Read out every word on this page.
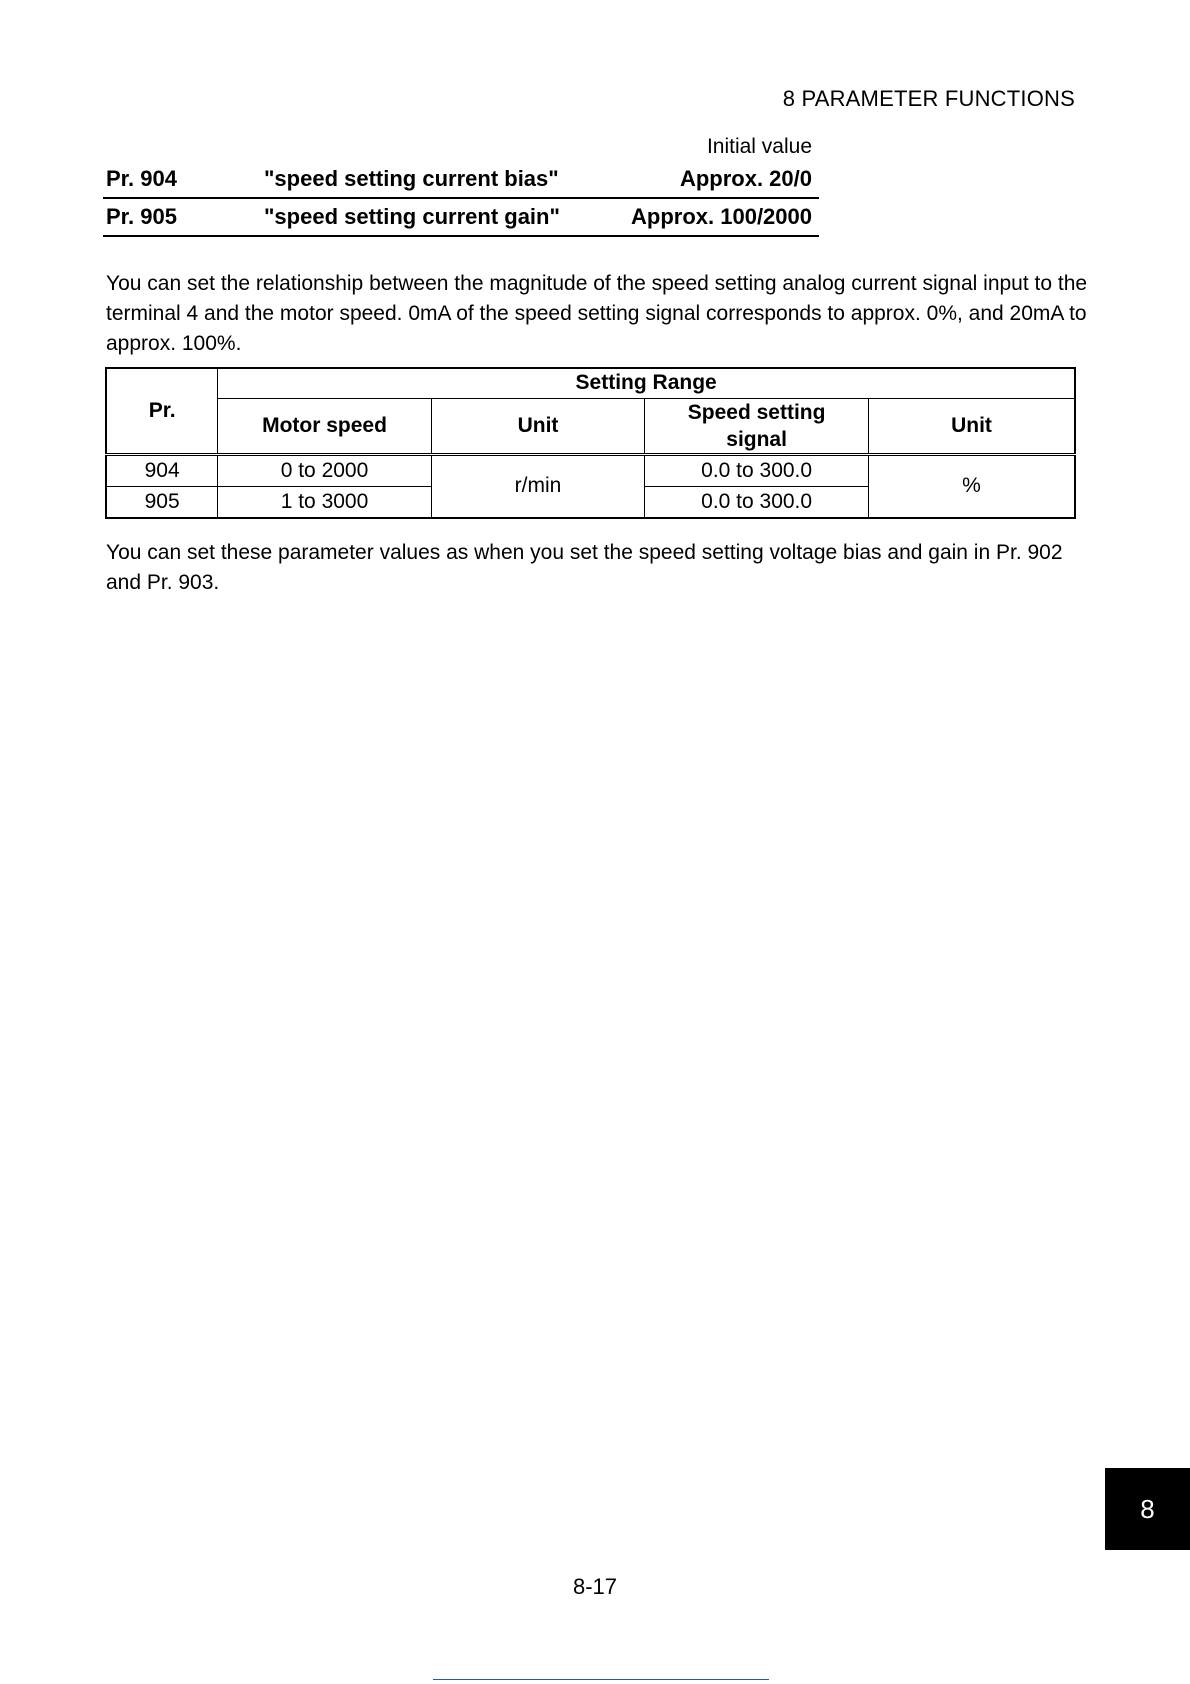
8 PARAMETER FUNCTIONS
Initial value
Pr. 904	"speed setting current bias"	Approx. 20/0
Pr. 905	"speed setting current gain"	Approx. 100/2000
You can set the relationship between the magnitude of the speed setting analog current signal input to the terminal 4 and the motor speed. 0mA of the speed setting signal corresponds to approx. 0%, and 20mA to approx. 100%.
Pr.	Setting Range			
	Motor speed	Unit	Speed setting signal	Unit
904	0 to 2000	r/min	0.0 to 300.0	%
905	1 to 3000		0.0 to 300.0	
You can set these parameter values as when you set the speed setting voltage bias and gain in Pr. 902 and Pr. 903.
8
8-17
